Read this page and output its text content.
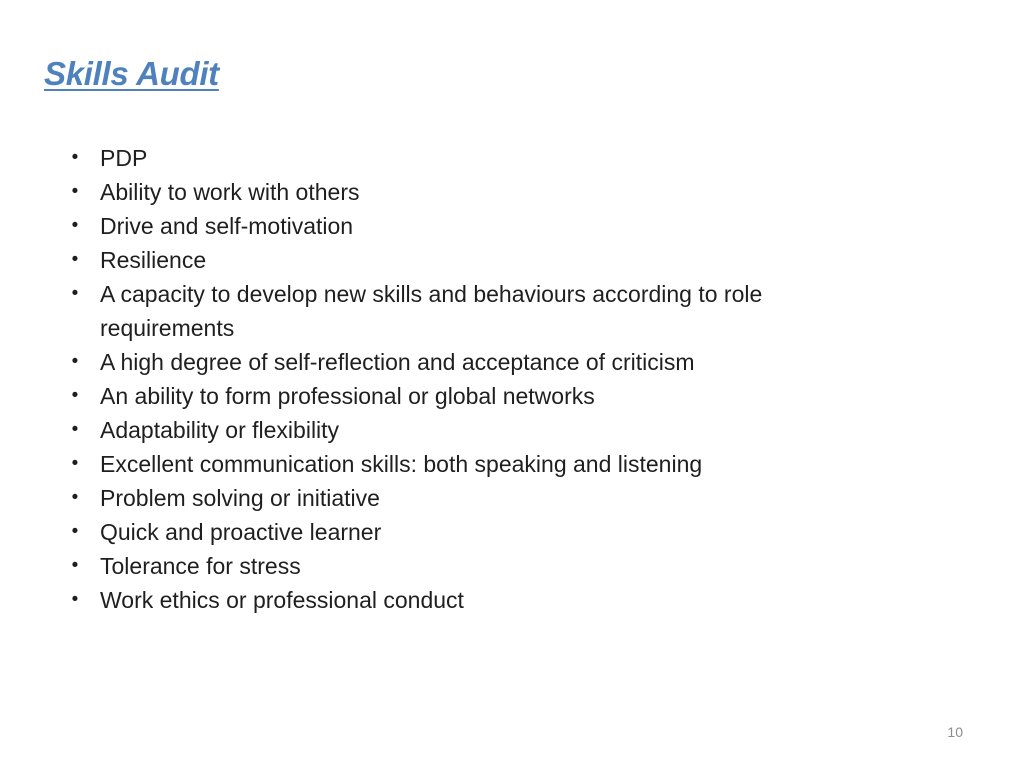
Skills Audit
• PDP
• Ability to work with others
• Drive and self-motivation
• Resilience
• A capacity to develop new skills and behaviours according to role requirements
• A high degree of self-reflection and acceptance of criticism
• An ability to form professional or global networks
• Adaptability or flexibility
• Excellent communication skills: both speaking and listening
• Problem solving or initiative
• Quick and proactive learner
• Tolerance for stress
• Work ethics or professional conduct
10
